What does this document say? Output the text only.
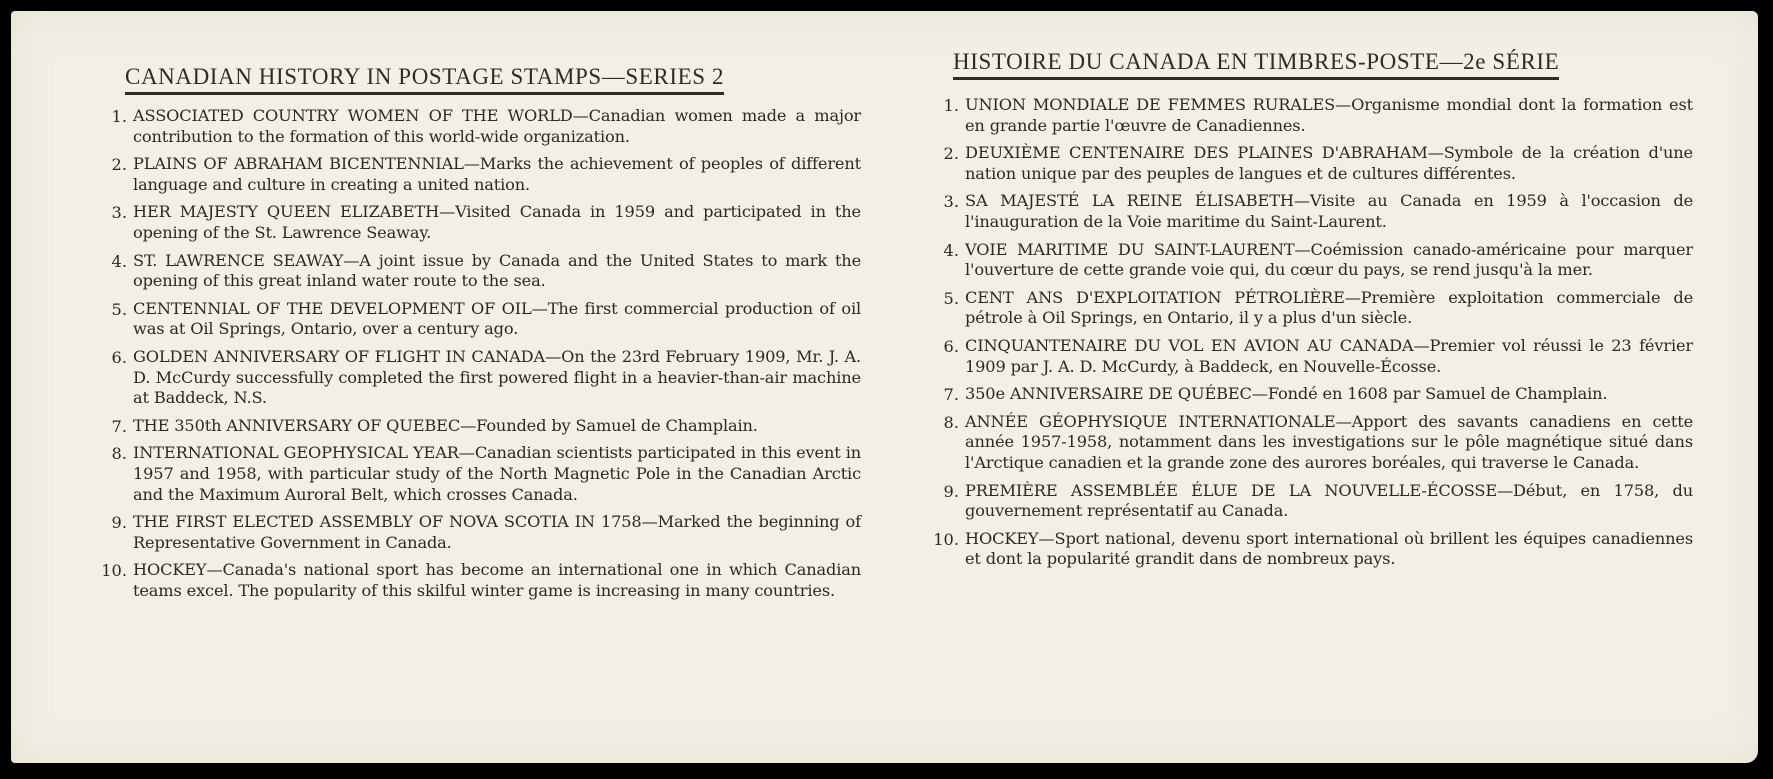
CANADIAN HISTORY IN POSTAGE STAMPS—SERIES 2
1. ASSOCIATED COUNTRY WOMEN OF THE WORLD—Canadian women made a major contribution to the formation of this world-wide organization.
2. PLAINS OF ABRAHAM BICENTENNIAL—Marks the achievement of peoples of different language and culture in creating a united nation.
3. HER MAJESTY QUEEN ELIZABETH—Visited Canada in 1959 and participated in the opening of the St. Lawrence Seaway.
4. ST. LAWRENCE SEAWAY—A joint issue by Canada and the United States to mark the opening of this great inland water route to the sea.
5. CENTENNIAL OF THE DEVELOPMENT OF OIL—The first commercial production of oil was at Oil Springs, Ontario, over a century ago.
6. GOLDEN ANNIVERSARY OF FLIGHT IN CANADA—On the 23rd February 1909, Mr. J. A. D. McCurdy successfully completed the first powered flight in a heavier-than-air machine at Baddeck, N.S.
7. THE 350th ANNIVERSARY OF QUEBEC—Founded by Samuel de Champlain.
8. INTERNATIONAL GEOPHYSICAL YEAR—Canadian scientists participated in this event in 1957 and 1958, with particular study of the North Magnetic Pole in the Canadian Arctic and the Maximum Auroral Belt, which crosses Canada.
9. THE FIRST ELECTED ASSEMBLY OF NOVA SCOTIA IN 1758—Marked the beginning of Representative Government in Canada.
10. HOCKEY—Canada's national sport has become an international one in which Canadian teams excel. The popularity of this skilful winter game is increasing in many countries.
HISTOIRE DU CANADA EN TIMBRES-POSTE—2e SÉRIE
1. UNION MONDIALE DE FEMMES RURALES—Organisme mondial dont la formation est en grande partie l'œuvre de Canadiennes.
2. DEUXIÈME CENTENAIRE DES PLAINES D'ABRAHAM—Symbole de la création d'une nation unique par des peuples de langues et de cultures différentes.
3. SA MAJESTÉ LA REINE ÉLISABETH—Visite au Canada en 1959 à l'occasion de l'inauguration de la Voie maritime du Saint-Laurent.
4. VOIE MARITIME DU SAINT-LAURENT—Coémission canado-américaine pour marquer l'ouverture de cette grande voie qui, du cœur du pays, se rend jusqu'à la mer.
5. CENT ANS D'EXPLOITATION PÉTROLIÈRE—Première exploitation commerciale de pétrole à Oil Springs, en Ontario, il y a plus d'un siècle.
6. CINQUANTENAIRE DU VOL EN AVION AU CANADA—Premier vol réussi le 23 février 1909 par J. A. D. McCurdy, à Baddeck, en Nouvelle-Écosse.
7. 350e ANNIVERSAIRE DE QUÉBEC—Fondé en 1608 par Samuel de Champlain.
8. ANNÉE GÉOPHYSIQUE INTERNATIONALE—Apport des savants canadiens en cette année 1957-1958, notamment dans les investigations sur le pôle magnétique situé dans l'Arctique canadien et la grande zone des aurores boréales, qui traverse le Canada.
9. PREMIÈRE ASSEMBLÉE ÉLUE DE LA NOUVELLE-ÉCOSSE—Début, en 1758, du gouvernement représentatif au Canada.
10. HOCKEY—Sport national, devenu sport international où brillent les équipes canadiennes et dont la popularité grandit dans de nombreux pays.
